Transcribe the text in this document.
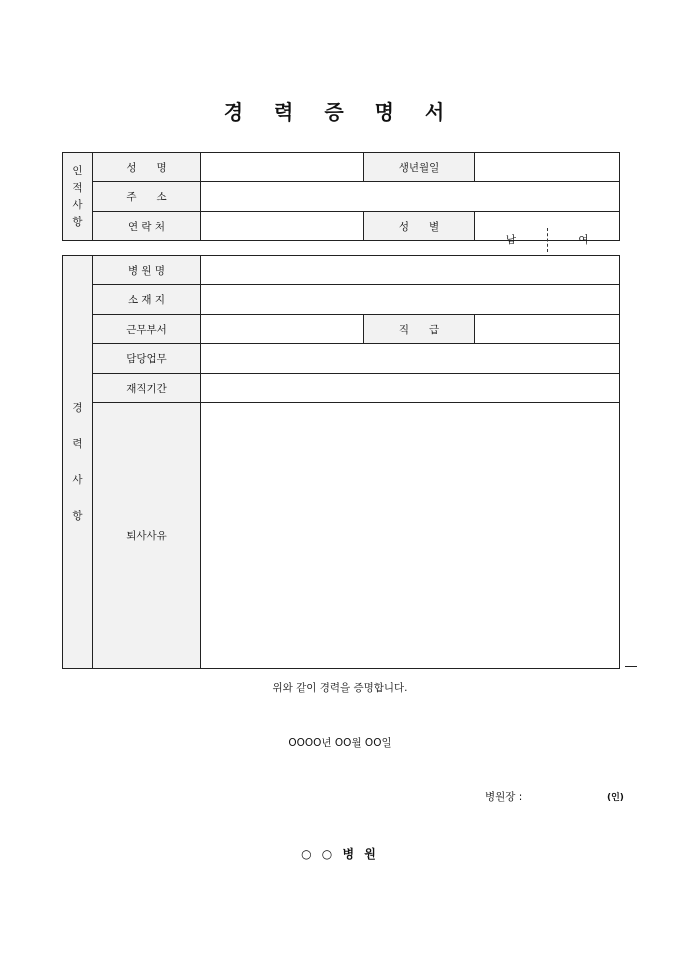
경 력 증 명 서
인
적
사
항	성      명		생년월일	
	주      소			
	연 락 처		성      별	남 여
경
력
사
항	병 원 명			
	소 재 지			
	근무부서		직      급	
	담당업무			
	재직기간			
	퇴사사유			
위와 같이 경력을 증명합니다.
OOOO년 OO월 OO일
병원장 :	(인)
○ ○ 병 원
